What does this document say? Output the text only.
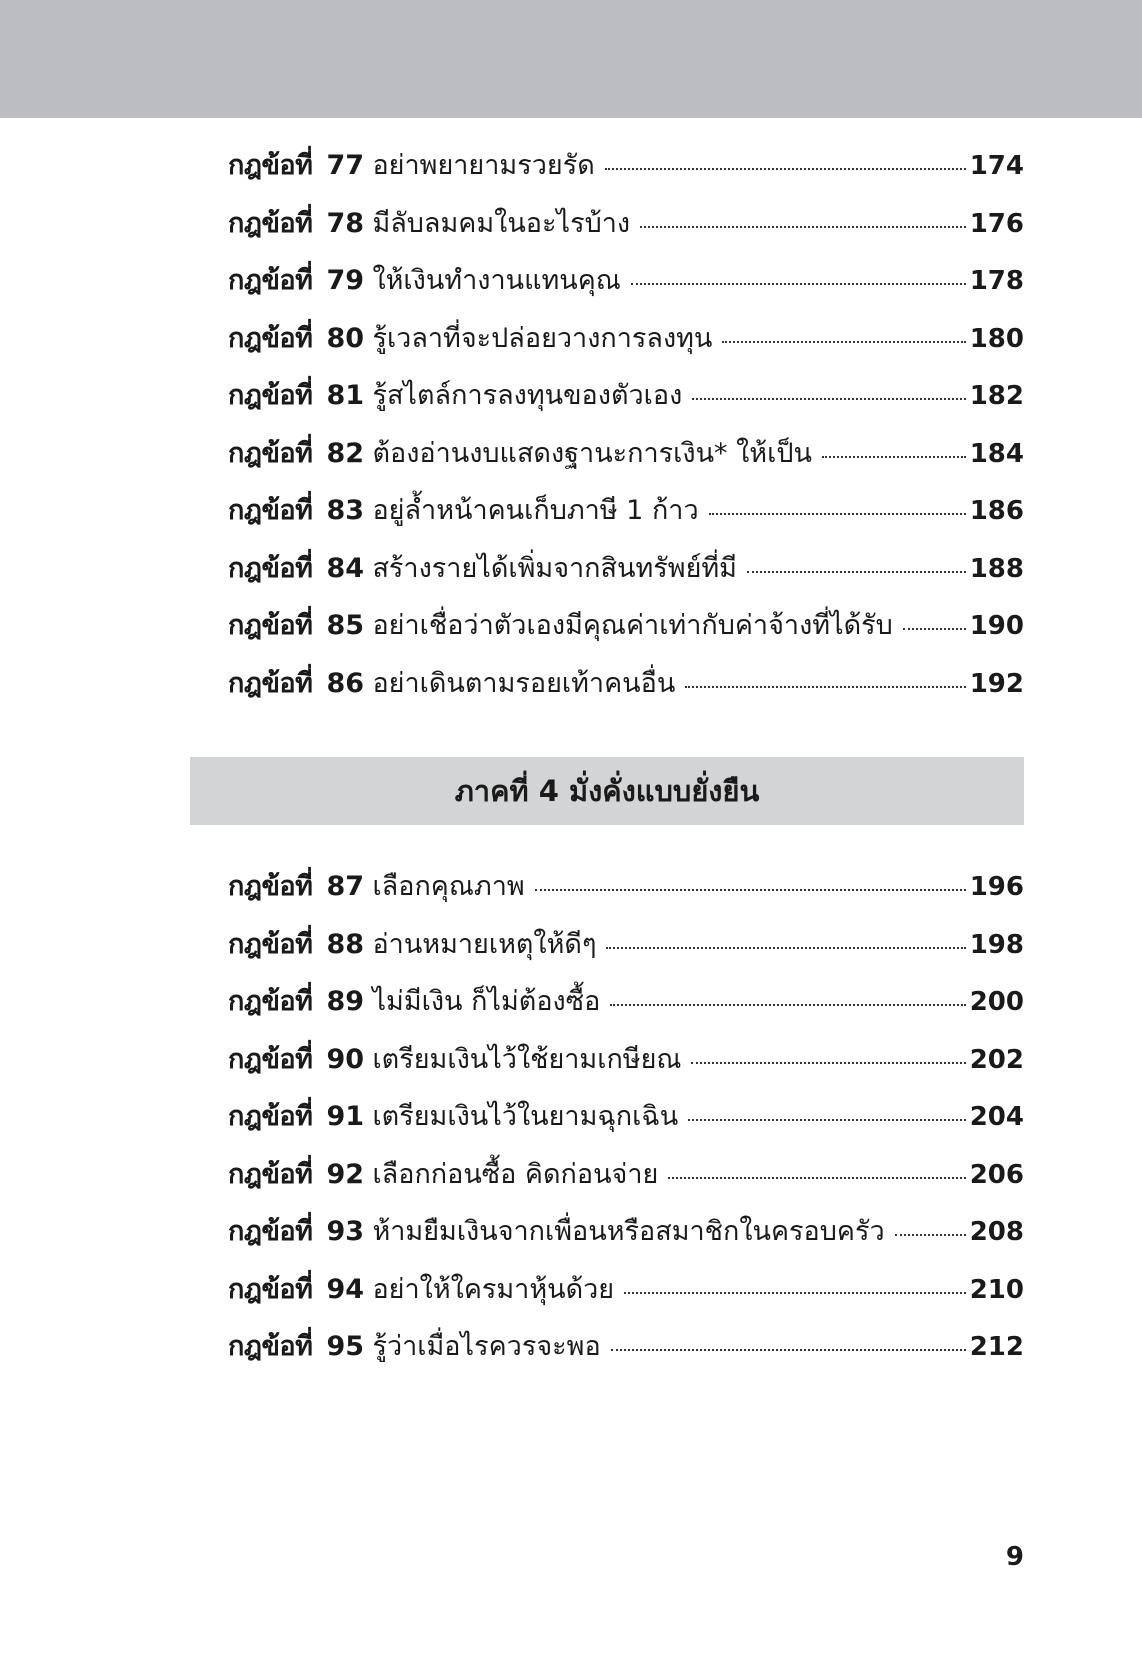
กฎข้อที่ 77 อย่าพยายามรวยรัด	174
กฎข้อที่ 78 มีลับลมคมในอะไรบ้าง	176
กฎข้อที่ 79 ให้เงินทำงานแทนคุณ	178
กฎข้อที่ 80 รู้เวลาที่จะปล่อยวางการลงทุน	180
กฎข้อที่ 81 รู้สไตล์การลงทุนของตัวเอง	182
กฎข้อที่ 82 ต้องอ่านงบแสดงฐานะการเงิน* ให้เป็น	184
กฎข้อที่ 83 อยู่ล้ำหน้าคนเก็บภาษี 1 ก้าว	186
กฎข้อที่ 84 สร้างรายได้เพิ่มจากสินทรัพย์ที่มี	188
กฎข้อที่ 85 อย่าเชื่อว่าตัวเองมีคุณค่าเท่ากับค่าจ้างที่ได้รับ	190
กฎข้อที่ 86 อย่าเดินตามรอยเท้าคนอื่น	192
ภาคที่ 4 มั่งคั่งแบบยั่งยืน
กฎข้อที่ 87 เลือกคุณภาพ	196
กฎข้อที่ 88 อ่านหมายเหตุให้ดีๆ	198
กฎข้อที่ 89 ไม่มีเงิน ก็ไม่ต้องซื้อ	200
กฎข้อที่ 90 เตรียมเงินไว้ใช้ยามเกษียณ	202
กฎข้อที่ 91 เตรียมเงินไว้ในยามฉุกเฉิน	204
กฎข้อที่ 92 เลือกก่อนซื้อ คิดก่อนจ่าย	206
กฎข้อที่ 93 ห้ามยืมเงินจากเพื่อนหรือสมาชิกในครอบครัว	208
กฎข้อที่ 94 อย่าให้ใครมาหุ้นด้วย	210
กฎข้อที่ 95 รู้ว่าเมื่อไรควรจะพอ	212
9
